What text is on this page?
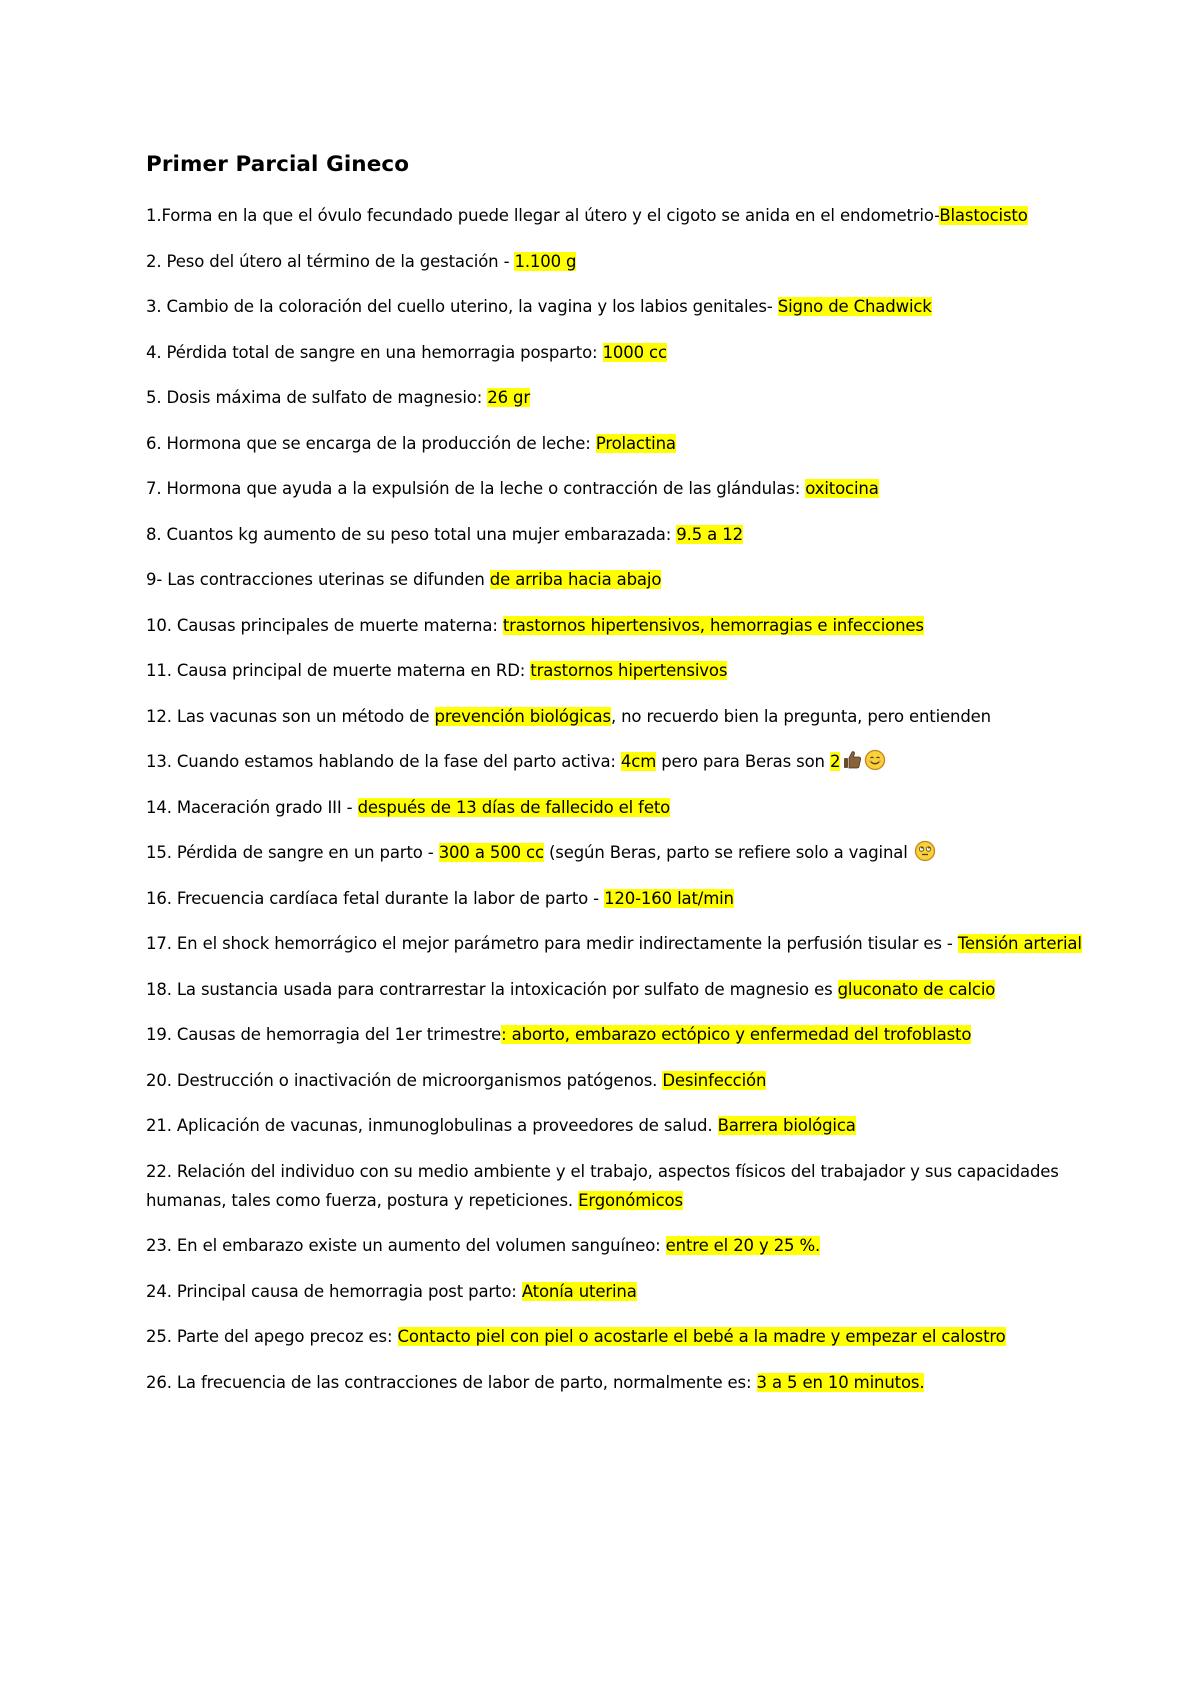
Primer Parcial Gineco

1.Forma en la que el óvulo fecundado puede llegar al útero y el cigoto se anida en el endometrio-Blastocisto

2. Peso del útero al término de la gestación - 1.100 g

3. Cambio de la coloración del cuello uterino, la vagina y los labios genitales- Signo de Chadwick

4. Pérdida total de sangre en una hemorragia posparto: 1000 cc

5. Dosis máxima de sulfato de magnesio: 26 gr

6. Hormona que se encarga de la producción de leche: Prolactina

7. Hormona que ayuda a la expulsión de la leche o contracción de las glándulas: oxitocina

8. Cuantos kg aumento de su peso total una mujer embarazada: 9.5 a 12

9- Las contracciones uterinas se difunden de arriba hacia abajo

10. Causas principales de muerte materna: trastornos hipertensivos, hemorragias e infecciones

11. Causa principal de muerte materna en RD: trastornos hipertensivos

12. Las vacunas son un método de prevención biológicas, no recuerdo bien la pregunta, pero entienden

13. Cuando estamos hablando de la fase del parto activa: 4cm pero para Beras son 2

14. Maceración grado III - después de 13 días de fallecido el feto

15. Pérdida de sangre en un parto - 300 a 500 cc (según Beras, parto se refiere solo a vaginal

16. Frecuencia cardíaca fetal durante la labor de parto - 120-160 lat/min

17. En el shock hemorrágico el mejor parámetro para medir indirectamente la perfusión tisular es - Tensión arterial

18. La sustancia usada para contrarrestar la intoxicación por sulfato de magnesio es gluconato de calcio

19. Causas de hemorragia del 1er trimestre: aborto, embarazo ectópico y enfermedad del trofoblasto

20. Destrucción o inactivación de microorganismos patógenos. Desinfección

21. Aplicación de vacunas, inmunoglobulinas a proveedores de salud. Barrera biológica

22. Relación del individuo con su medio ambiente y el trabajo, aspectos físicos del trabajador y sus capacidades humanas, tales como fuerza, postura y repeticiones. Ergonómicos

23. En el embarazo existe un aumento del volumen sanguíneo: entre el 20 y 25 %.

24. Principal causa de hemorragia post parto: Atonía uterina

25. Parte del apego precoz es: Contacto piel con piel o acostarle el bebé a la madre y empezar el calostro

26. La frecuencia de las contracciones de labor de parto, normalmente es: 3 a 5 en 10 minutos.
